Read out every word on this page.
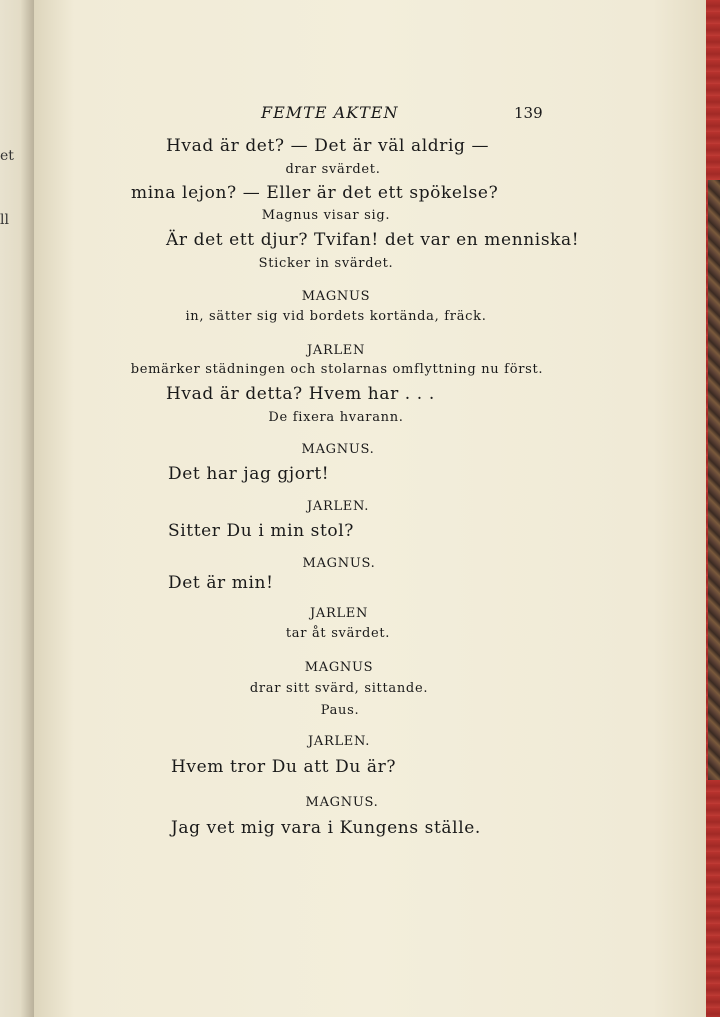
et
ll
FEMTE AKTEN	139
Hvad är det? — Det är väl aldrig —
drar svärdet.
mina lejon? — Eller är det ett spökelse?
Magnus visar sig.
Är det ett djur? Tvifan! det var en menniska!
Sticker in svärdet.
MAGNUS
in, sätter sig vid bordets kortända, fräck.
JARLEN
bemärker städningen och stolarnas omflyttning nu först.
Hvad är detta? Hvem har . . .
De fixera hvarann.
MAGNUS.
Det har jag gjort!
JARLEN.
Sitter Du i min stol?
MAGNUS.
Det är min!
JARLEN
tar åt svärdet.
MAGNUS
drar sitt svärd, sittande.
Paus.
JARLEN.
Hvem tror Du att Du är?
MAGNUS.
Jag vet mig vara i Kungens ställe.
